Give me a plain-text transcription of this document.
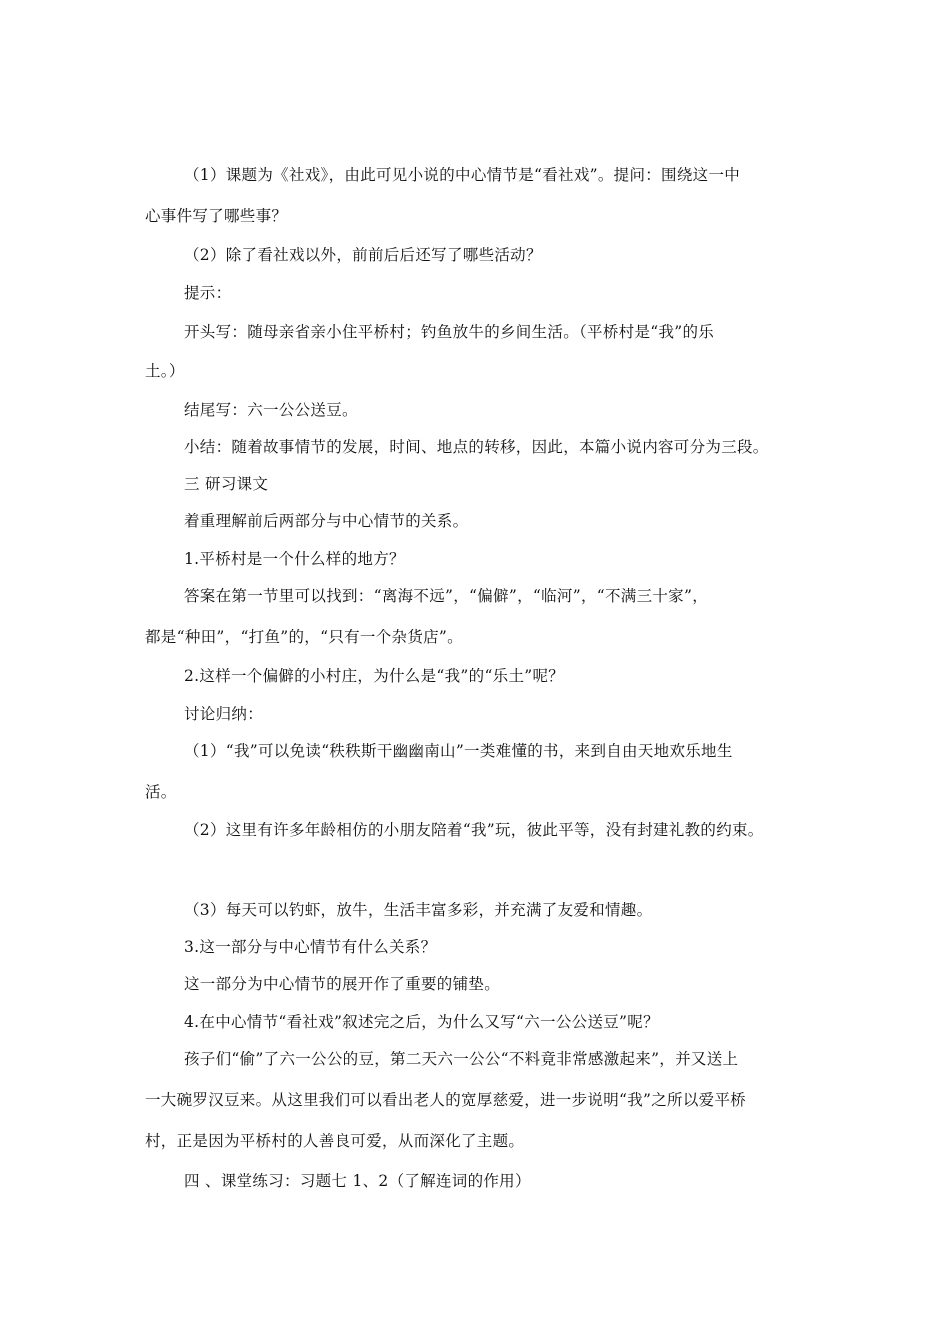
（1）课题为《社戏》，由此可见小说的中心情节是“看社戏”。提问：围绕这一中
心事件写了哪些事？
（2）除了看社戏以外，前前后后还写了哪些活动？
提示：
开头写：随母亲省亲小住平桥村；钓鱼放牛的乡间生活。（平桥村是“我”的乐
土。）
结尾写：六一公公送豆。
小结：随着故事情节的发展，时间、地点的转移，因此，本篇小说内容可分为三段。
三 研习课文
着重理解前后两部分与中心情节的关系。
1.平桥村是一个什么样的地方？
答案在第一节里可以找到：“离海不远”，“偏僻”，“临河”，“不满三十家”，
都是“种田”，“打鱼”的，“只有一个杂货店”。
2.这样一个偏僻的小村庄，为什么是“我”的“乐土”呢？
讨论归纳：
（1）“我”可以免读“秩秩斯干幽幽南山”一类难懂的书，来到自由天地欢乐地生
活。
（2）这里有许多年龄相仿的小朋友陪着“我”玩，彼此平等，没有封建礼教的约束。
（3）每天可以钓虾，放牛，生活丰富多彩，并充满了友爱和情趣。
3.这一部分与中心情节有什么关系？
这一部分为中心情节的展开作了重要的铺垫。
4.在中心情节“看社戏”叙述完之后，为什么又写“六一公公送豆”呢？
孩子们“偷”了六一公公的豆，第二天六一公公“不料竟非常感激起来”，并又送上
一大碗罗汉豆来。从这里我们可以看出老人的宽厚慈爱，进一步说明“我”之所以爱平桥
村，正是因为平桥村的人善良可爱，从而深化了主题。
四 、课堂练习：习题七 1、2（了解连词的作用）
